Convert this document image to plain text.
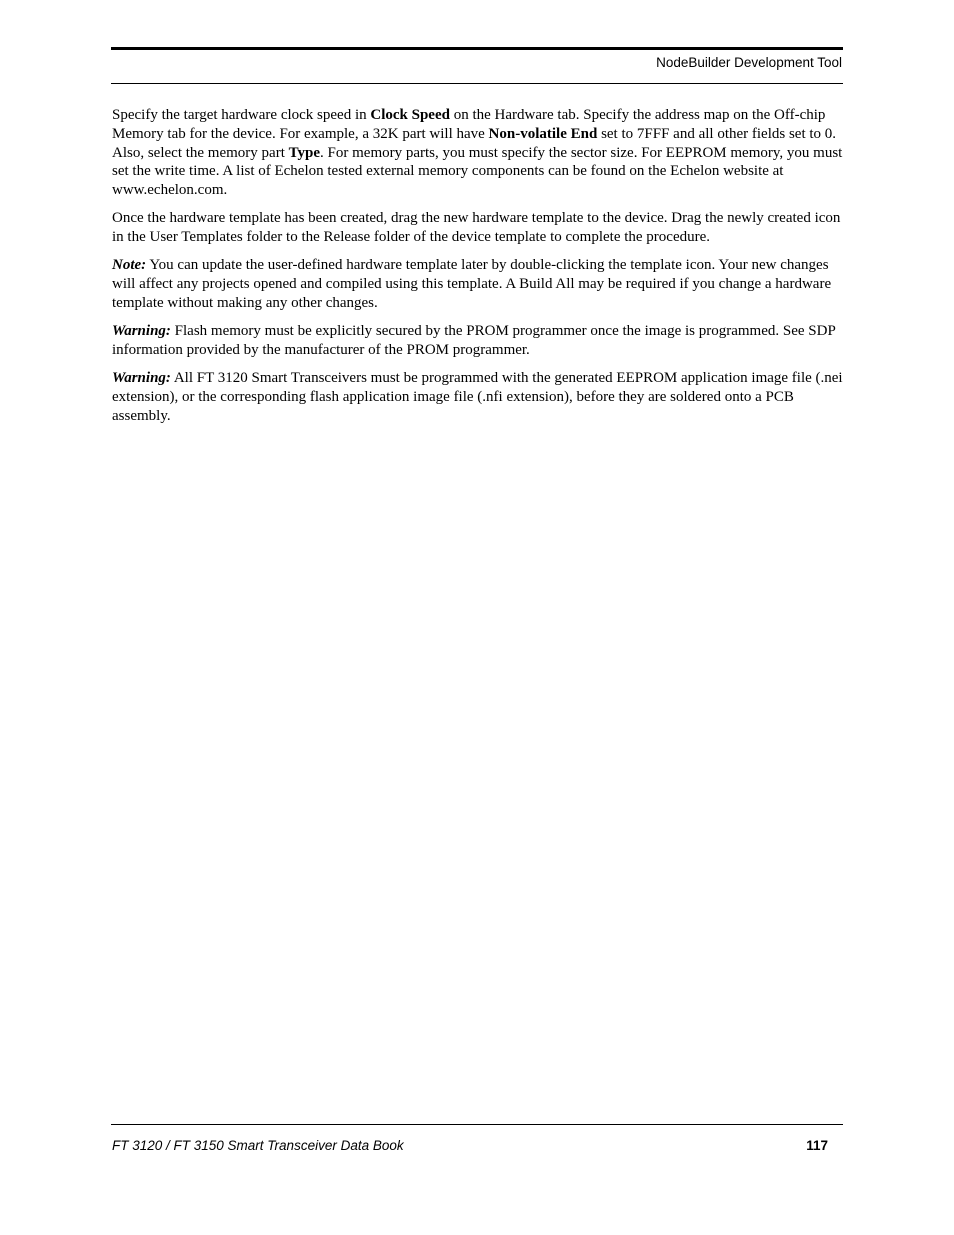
NodeBuilder Development Tool

Specify the target hardware clock speed in Clock Speed on the Hardware tab. Specify the address map on the Off-chip Memory tab for the device. For example, a 32K part will have Non-volatile End set to 7FFF and all other fields set to 0. Also, select the memory part Type. For memory parts, you must specify the sector size. For EEPROM memory, you must set the write time. A list of Echelon tested external memory components can be found on the Echelon website at www.echelon.com.

Once the hardware template has been created, drag the new hardware template to the device. Drag the newly created icon in the User Templates folder to the Release folder of the device template to complete the procedure.

Note: You can update the user-defined hardware template later by double-clicking the template icon. Your new changes will affect any projects opened and compiled using this template. A Build All may be required if you change a hardware template without making any other changes.

Warning: Flash memory must be explicitly secured by the PROM programmer once the image is programmed. See SDP information provided by the manufacturer of the PROM programmer.

Warning: All FT 3120 Smart Transceivers must be programmed with the generated EEPROM application image file (.nei extension), or the corresponding flash application image file (.nfi extension), before they are soldered onto a PCB assembly.

FT 3120 / FT 3150 Smart Transceiver Data Book	117
